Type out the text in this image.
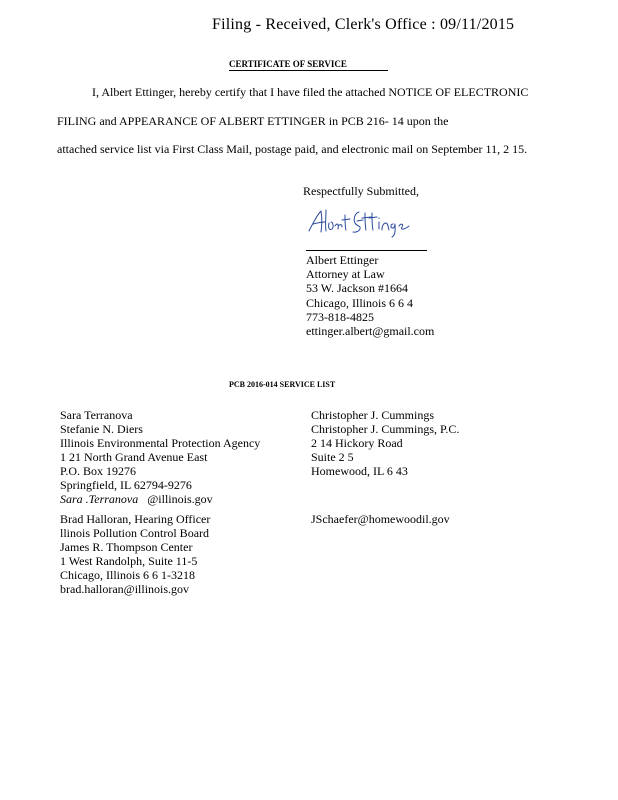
Filing - Received, Clerk's Office : 09/11/2015
CERTIFICATE OF SERVICE
I, Albert Ettinger, hereby certify that I have filed the attached NOTICE OF ELECTRONIC
FILING and APPEARANCE OF ALBERT ETTINGER in PCB 216- 14 upon the
attached service list via First Class Mail, postage paid, and electronic mail on September 11, 2 15.
Respectfully Submitted,
Albert Ettinger
Attorney at Law
53 W. Jackson #1664
Chicago, Illinois 6 6 4
773-818-4825
ettinger.albert@gmail.com
PCB 2016-014 SERVICE LIST
Sara Terranova
Stefanie N. Diers
Illinois Environmental Protection Agency
1 21 North Grand Avenue East
P.O. Box 19276
Springfield, IL 62794-9276
Sara .Terranova @illinois.gov
Christopher J. Cummings
Christopher J. Cummings, P.C.
2 14 Hickory Road
Suite 2 5
Homewood, IL 6 43
Brad Halloran, Hearing Officer
llinois Pollution Control Board
James R. Thompson Center
1 West Randolph, Suite 11-5
Chicago, Illinois 6 6 1-3218
brad.halloran@illinois.gov
JSchaefer@homewoodil.gov
